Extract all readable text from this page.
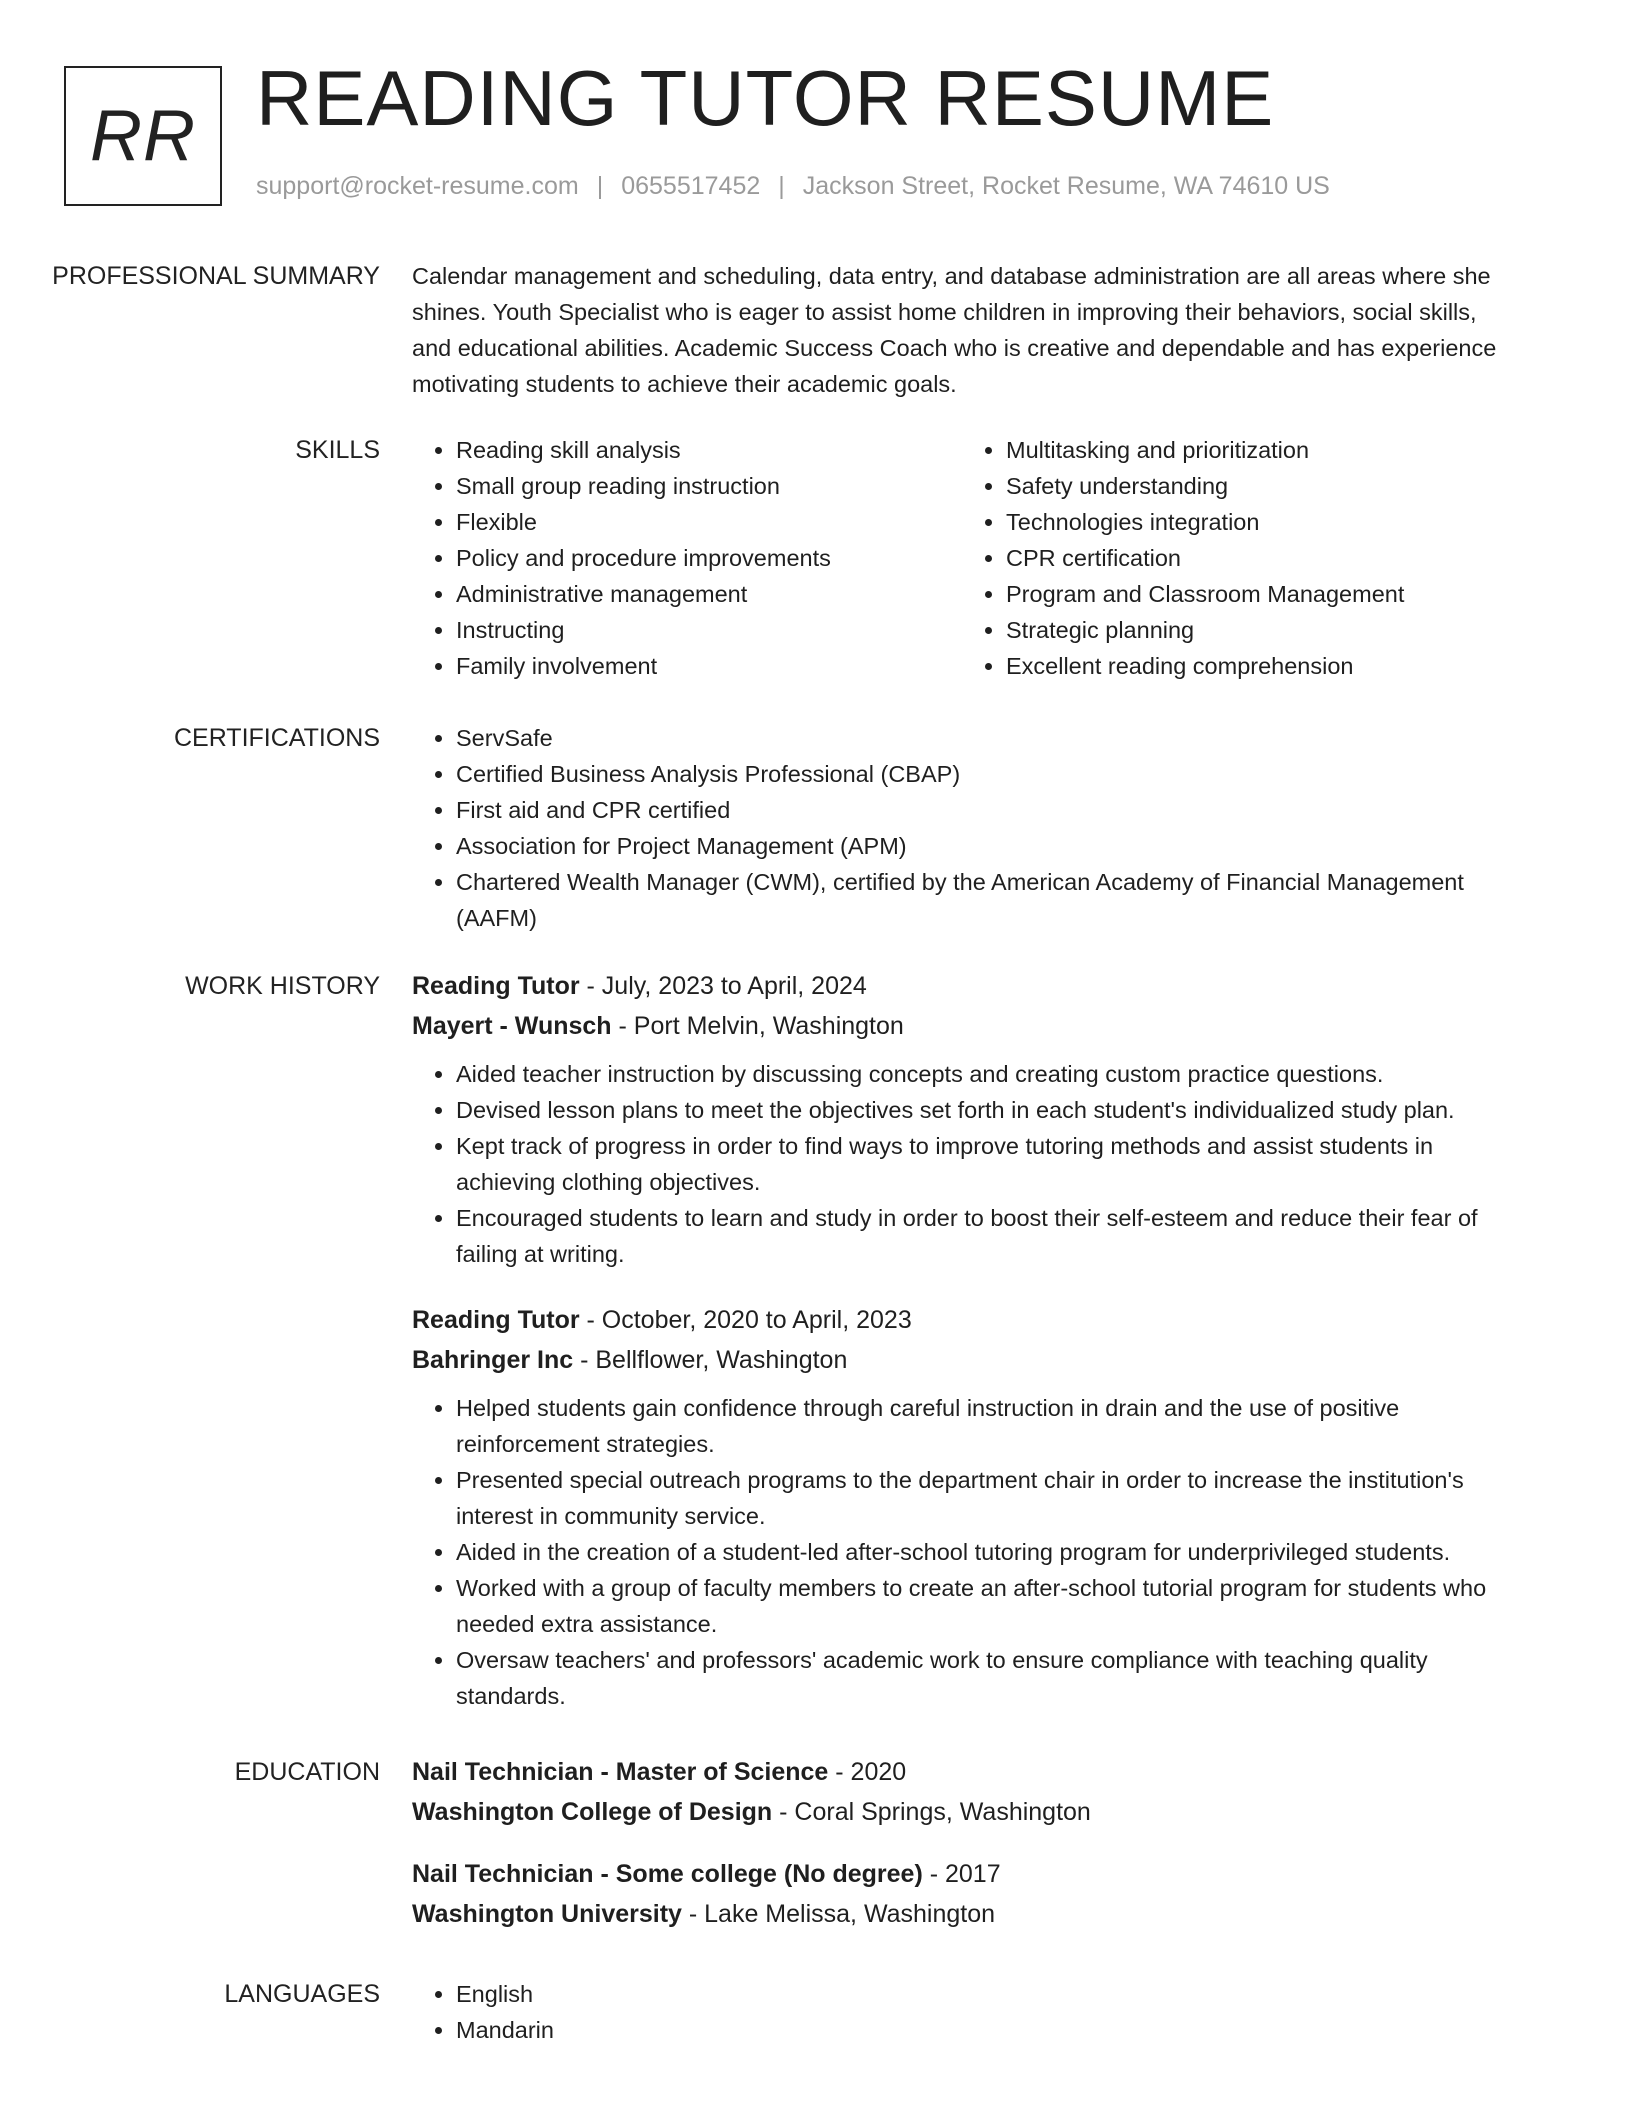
RR READING TUTOR RESUME
support@rocket-resume.com | 0655517452 | Jackson Street, Rocket Resume, WA 74610 US
PROFESSIONAL SUMMARY	Calendar management and scheduling, data entry, and database administration are all areas where she shines. Youth Specialist who is eager to assist home children in improving their behaviors, social skills, and educational abilities. Academic Success Coach who is creative and dependable and has experience motivating students to achieve their academic goals.

SKILLS	• Reading skill analysis
• Small group reading instruction
• Flexible
• Policy and procedure improvements
• Administrative management
• Instructing
• Family involvement
• Multitasking and prioritization
• Safety understanding
• Technologies integration
• CPR certification
• Program and Classroom Management
• Strategic planning
• Excellent reading comprehension
CERTIFICATIONS	• ServSafe
• Certified Business Analysis Professional (CBAP)
• First aid and CPR certified
• Association for Project Management (APM)
• Chartered Wealth Manager (CWM), certified by the American Academy of Financial Management (AAFM)
WORK HISTORY	Reading Tutor - July, 2023 to April, 2024
Mayert - Wunsch - Port Melvin, Washington
• Aided teacher instruction by discussing concepts and creating custom practice questions.
• Devised lesson plans to meet the objectives set forth in each student's individualized study plan.
• Kept track of progress in order to find ways to improve tutoring methods and assist students in achieving clothing objectives.
• Encouraged students to learn and study in order to boost their self-esteem and reduce their fear of failing at writing.
Reading Tutor - October, 2020 to April, 2023
Bahringer Inc - Bellflower, Washington
• Helped students gain confidence through careful instruction in drain and the use of positive reinforcement strategies.
• Presented special outreach programs to the department chair in order to increase the institution's interest in community service.
• Aided in the creation of a student-led after-school tutoring program for underprivileged students.
• Worked with a group of faculty members to create an after-school tutorial program for students who needed extra assistance.
• Oversaw teachers' and professors' academic work to ensure compliance with teaching quality standards.
EDUCATION	Nail Technician - Master of Science - 2020
Washington College of Design - Coral Springs, Washington
Nail Technician - Some college (No degree) - 2017
Washington University - Lake Melissa, Washington
LANGUAGES	• English
• Mandarin
